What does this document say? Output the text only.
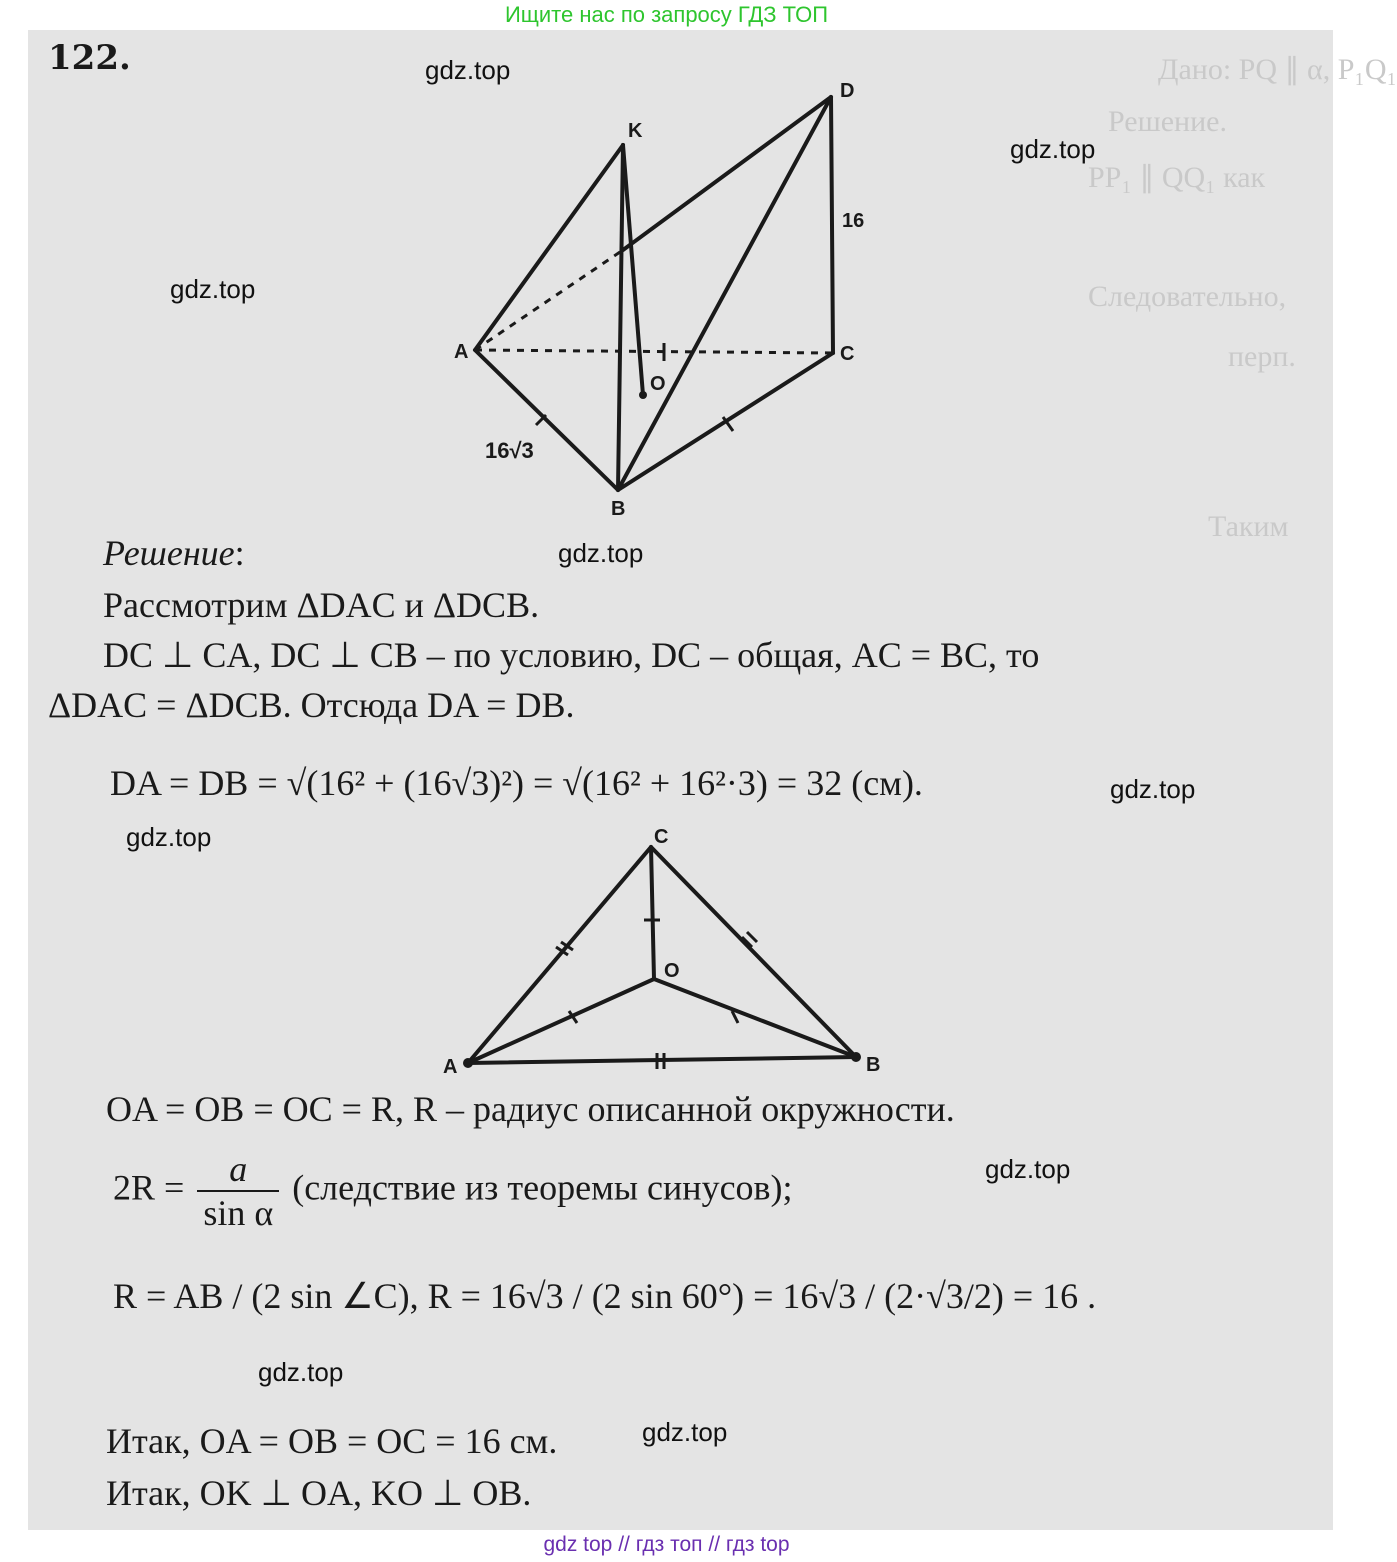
Ищите нас по запросу ГДЗ ТОП
Дано: PQ ∥ α, P₁Q₁
Решение.
PP₁ ∥ QQ₁ как
Следовательно,
перп.
Таким
122.
K
D
A	C
O
B
16
16√3
Решение:
Рассмотрим ΔDAC и ΔDCB.
DC ⊥ CA, DC ⊥ CB – по условию, DC – общая, AC = BC, то
ΔDAC = ΔDCB. Отсюда DA = DB.
DA = DB = √(16² + (16√3)²) = √(16² + 16²·3) = 32 (см).
C
O
A	B
OA = OB = OC = R, R – радиус описанной окружности.
$2R = \frac{a}{\text{sin α}}$ (следствие из теоремы синусов);
R = AB / (2 sin ∠C), R = 16√3 / (2 sin 60°) = 16√3 / (2·√3/2) = 16 .
Итак, OA = OB = OC = 16 см.
Итак, OK ⊥ OA, KO ⊥ OB.
gdz.top
gdz.top
gdz.top
gdz.top
gdz.top
gdz.top
gdz.top
gdz.top
gdz.top
gdz top // гдз топ // гдз top
